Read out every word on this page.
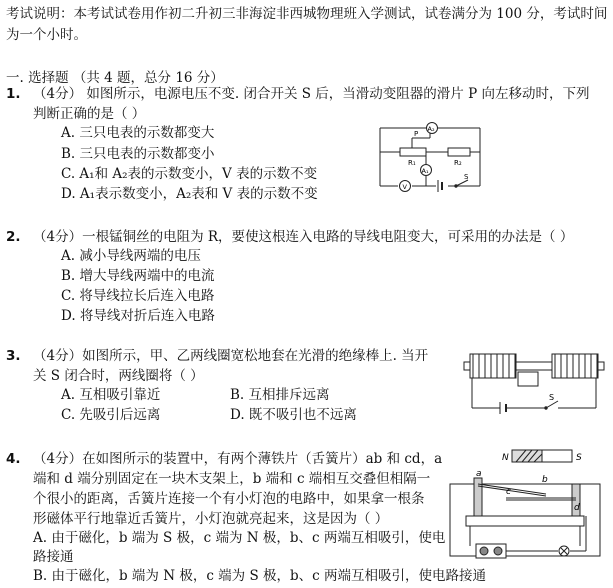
考试说明：本考试试卷用作初二升初三非海淀非西城物理班入学测试，试卷满分为 100 分，考试时间为一个小时。
一. 选择题 （共 4 题，总分 16 分）
1. （4分） 如图所示，电源电压不变. 闭合开关 S 后，当滑动变阻器的滑片 P 向左移动时，下列
判断正确的是（ ）
A. 三只电表的示数都变大
B. 三只电表的示数都变小
C. A₁和 A₂表的示数变小，V 表的示数不变
D. A₁表示数变小，A₂表和 V 表的示数不变
A₂
A₁
V
R₁	R₂
P
S
2. （4分）一根锰铜丝的电阻为 R，要使这根连入电路的导线电阻变大，可采用的办法是（ ）
A. 减小导线两端的电压
B. 增大导线两端中的电流
C. 将导线拉长后连入电路
D. 将导线对折后连入电路
3. （4分）如图所示，甲、乙两线圈宽松地套在光滑的绝缘棒上. 当开
关 S 闭合时，两线圈将（ ）
A. 互相吸引靠近	B. 互相排斥远离
C. 先吸引后远离	D. 既不吸引也不远离
S
4. （4分）在如图所示的装置中，有两个薄铁片（舌簧片）ab 和 cd，a
端和 d 端分别固定在一块木支架上，b 端和 c 端相互交叠但相隔一
个很小的距离，舌簧片连接一个有小灯泡的电路中，如果拿一根条
形磁体平行地靠近舌簧片，小灯泡就亮起来，这是因为（ ）
A. 由于磁化，b 端为 S 极，c 端为 N 极，b、c 两端互相吸引，使电
路接通
B. 由于磁化，b 端为 N 极，c 端为 S 极，b、c 两端互相吸引，使电路接通
N	S
a
b
c
d
